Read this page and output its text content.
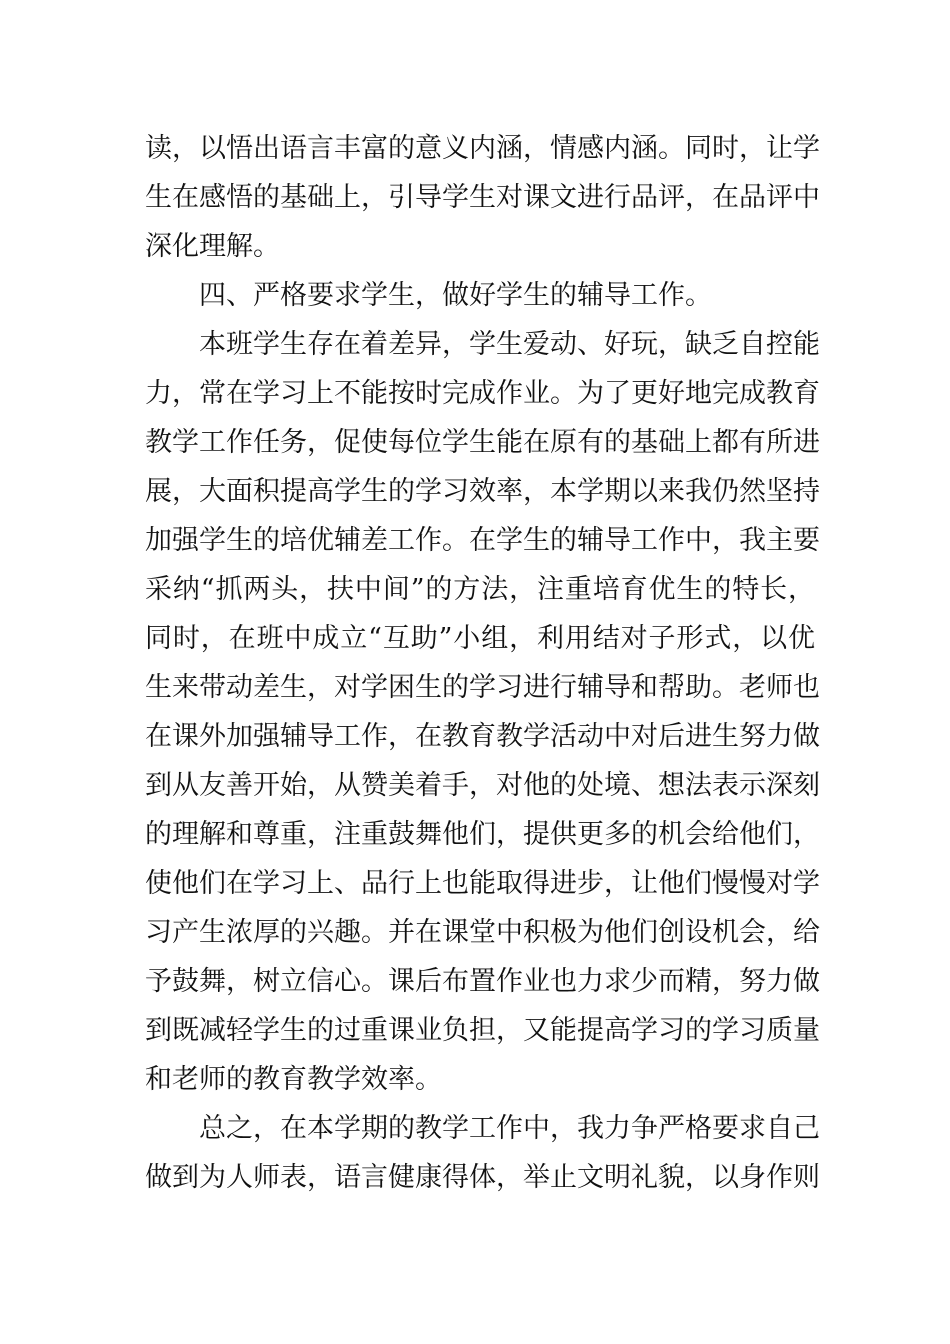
读，以悟出语言丰富的意义内涵，情感内涵。同时，让学
生在感悟的基础上，引导学生对课文进行品评，在品评中
深化理解。
四、严格要求学生，做好学生的辅导工作。
本班学生存在着差异，学生爱动、好玩，缺乏自控能
力，常在学习上不能按时完成作业。为了更好地完成教育
教学工作任务，促使每位学生能在原有的基础上都有所进
展，大面积提高学生的学习效率，本学期以来我仍然坚持
加强学生的培优辅差工作。在学生的辅导工作中，我主要
采纳“抓两头，扶中间”的方法，注重培育优生的特长，
同时，在班中成立“互助”小组，利用结对子形式，以优
生来带动差生，对学困生的学习进行辅导和帮助。老师也
在课外加强辅导工作，在教育教学活动中对后进生努力做
到从友善开始，从赞美着手，对他的处境、想法表示深刻
的理解和尊重，注重鼓舞他们，提供更多的机会给他们，
使他们在学习上、品行上也能取得进步，让他们慢慢对学
习产生浓厚的兴趣。并在课堂中积极为他们创设机会，给
予鼓舞，树立信心。课后布置作业也力求少而精，努力做
到既减轻学生的过重课业负担，又能提高学习的学习质量
和老师的教育教学效率。
总之，在本学期的教学工作中，我力争严格要求自己
做到为人师表，语言健康得体，举止文明礼貌，以身作则
